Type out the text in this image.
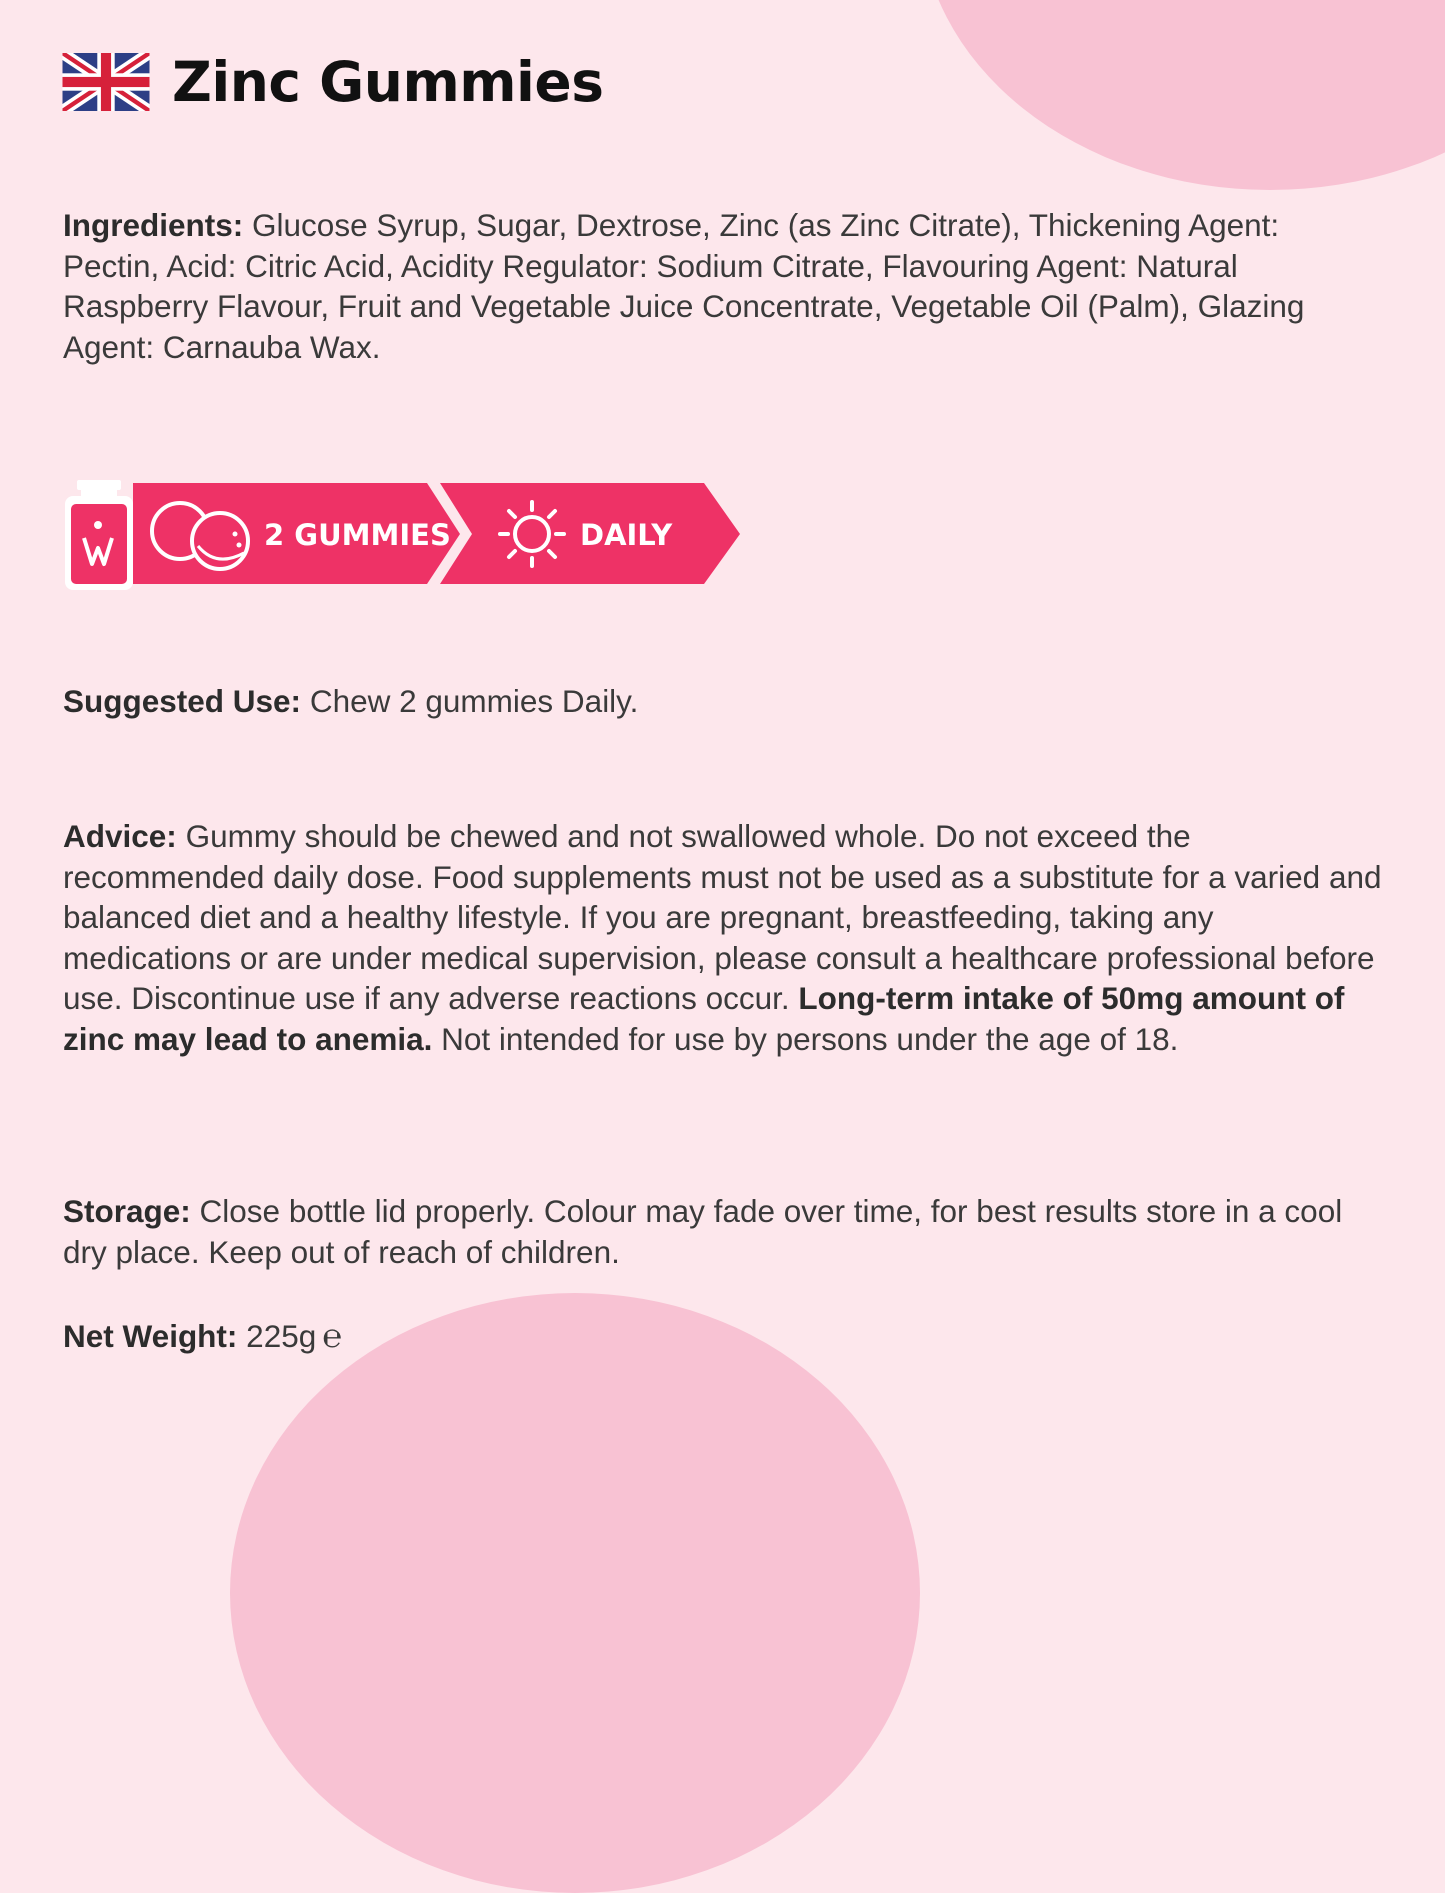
Zinc Gummies
Ingredients: Glucose Syrup, Sugar, Dextrose, Zinc (as Zinc Citrate), Thickening Agent: Pectin, Acid: Citric Acid, Acidity Regulator: Sodium Citrate, Flavouring Agent: Natural Raspberry Flavour, Fruit and Vegetable Juice Concentrate, Vegetable Oil (Palm), Glazing Agent: Carnauba Wax.
2 GUMMIES	DAILY
Suggested Use: Chew 2 gummies Daily.
Advice: Gummy should be chewed and not swallowed whole. Do not exceed the recommended daily dose. Food supplements must not be used as a substitute for a varied and balanced diet and a healthy lifestyle. If you are pregnant, breastfeeding, taking any medications or are under medical supervision, please consult a healthcare professional before use. Discontinue use if any adverse reactions occur. Long-term intake of 50mg amount of zinc may lead to anemia. Not intended for use by persons under the age of 18.
Storage: Close bottle lid properly. Colour may fade over time, for best results store in a cool dry place. Keep out of reach of children.
Net Weight: 225g ℮
